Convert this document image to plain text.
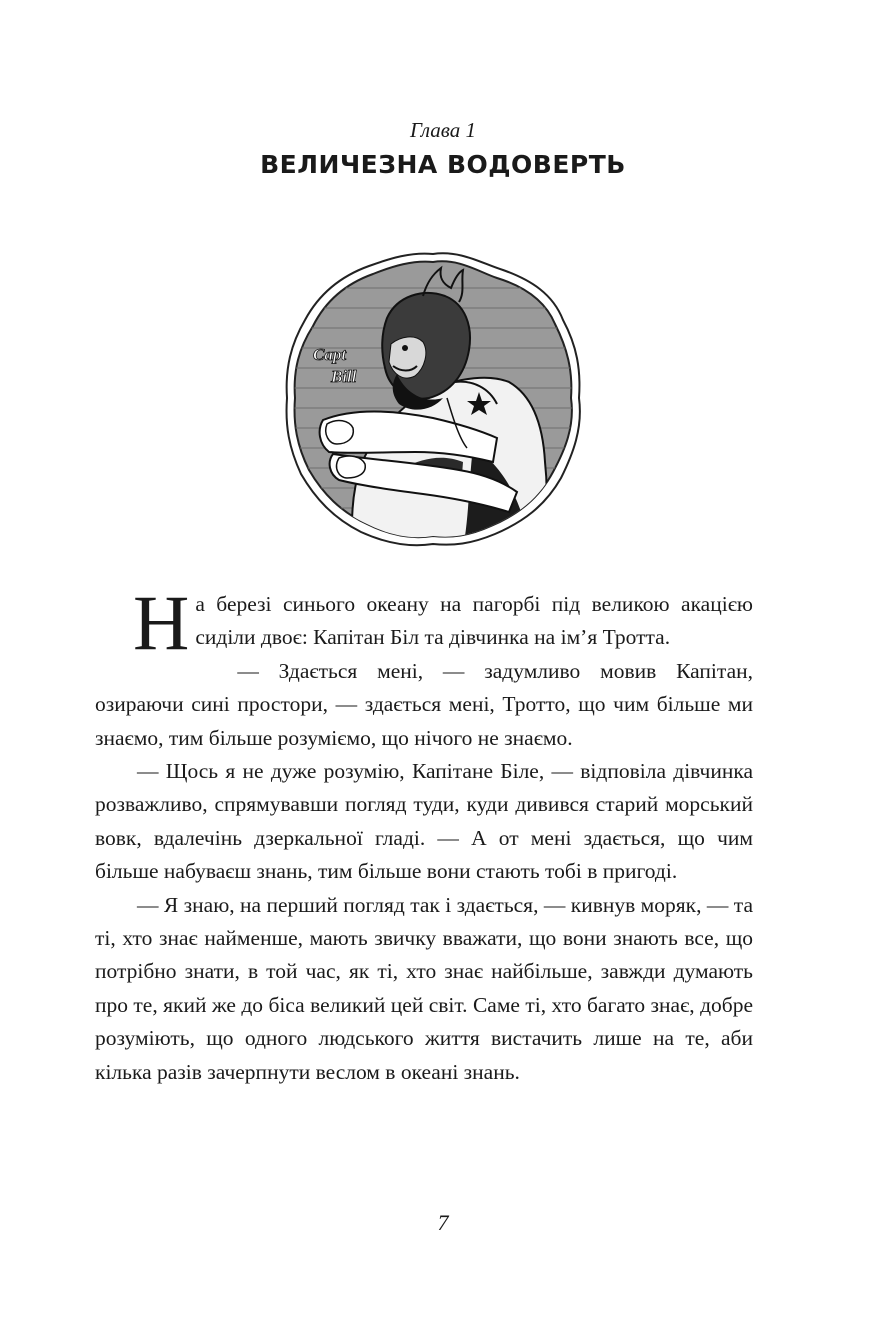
Глава 1
ВЕЛИЧЕЗНА ВОДОВЕРТЬ
Capt
Bill

На березі синього океану на пагорбі під великою акацією сиділи двоє: Капітан Біл та дівчинка на ім’я Тротта.

— Здається мені, — задумливо мовив Капітан, озираючи сині простори, — здається мені, Тротто, що чим більше ми знаємо, тим більше розуміємо, що нічого не знаємо.

— Щось я не дуже розумію, Капітане Біле, — відповіла дівчинка розважливо, спрямувавши погляд туди, куди дивився старий морський вовк, вдалечінь дзеркальної гладі. — А от мені здається, що чим більше набуваєш знань, тим більше вони стають тобі в пригоді.

— Я знаю, на перший погляд так і здається, — кивнув моряк, — та ті, хто знає найменше, мають звичку вважати, що вони знають все, що потрібно знати, в той час, як ті, хто знає найбільше, завжди думають про те, який же до біса великий цей світ. Саме ті, хто багато знає, добре розуміють, що одного людського життя вистачить лише на те, аби кілька разів зачерпнути веслом в океані знань.

7
